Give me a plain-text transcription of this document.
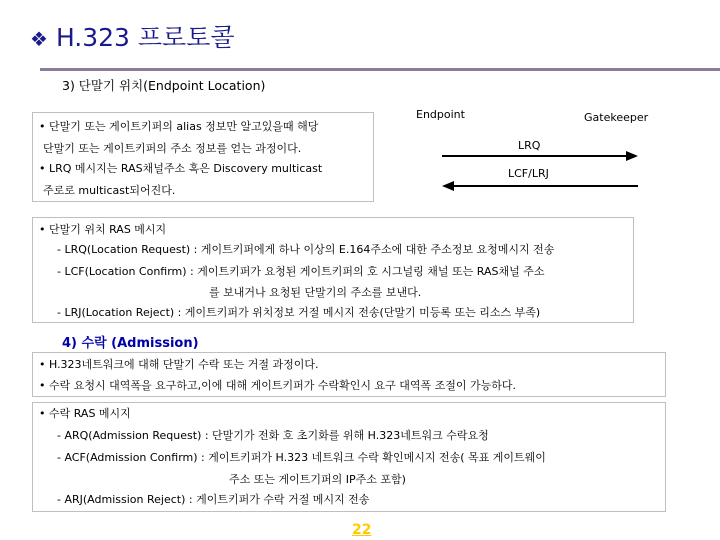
❖ H.323 프로토콜
3) 단말기 위치(Endpoint Location)
• 단말기 또는 게이트키퍼의 alias 정보만 알고있을때 해당
단말기 또는 게이트키퍼의 주소 정보를 얻는 과정이다.
• LRQ 메시지는 RAS채널주소 혹은 Discovery multicast
주로로 multicast되어진다.
Endpoint	Gatekeeper
LRQ
LCF/LRJ
• 단말기 위치 RAS 메시지
- LRQ(Location Request) : 게이트키퍼에게 하나 이상의 E.164주소에 대한 주소정보 요청메시지 전송
- LCF(Location Confirm) : 게이트키퍼가 요청된 게이트키퍼의 호 시그널링 채널 또는 RAS채널 주소
를 보내거나 요청된 단말기의 주소를 보낸다.
- LRJ(Location Reject) : 게이트키퍼가 위치정보 거절 메시지 전송(단말기 미등록 또는 리소스 부족)
4) 수락 (Admission)
• H.323네트워크에 대해 단말기 수락 또는 거절 과정이다.
• 수락 요청시 대역폭을 요구하고,이에 대해 게이트키퍼가 수락확인시 요구 대역폭 조절이 가능하다.
• 수락 RAS 메시지
- ARQ(Admission Request) : 단말기가 전화 호 초기화를 위해 H.323네트워크 수락요청
- ACF(Admission Confirm) : 게이트키퍼가 H.323 네트워크 수락 확인메시지 전송( 목표 게이트웨이
주소 또는 게이트기퍼의 IP주소 포함)
- ARJ(Admission Reject) : 게이트키퍼가 수락 거절 메시지 전송
22
